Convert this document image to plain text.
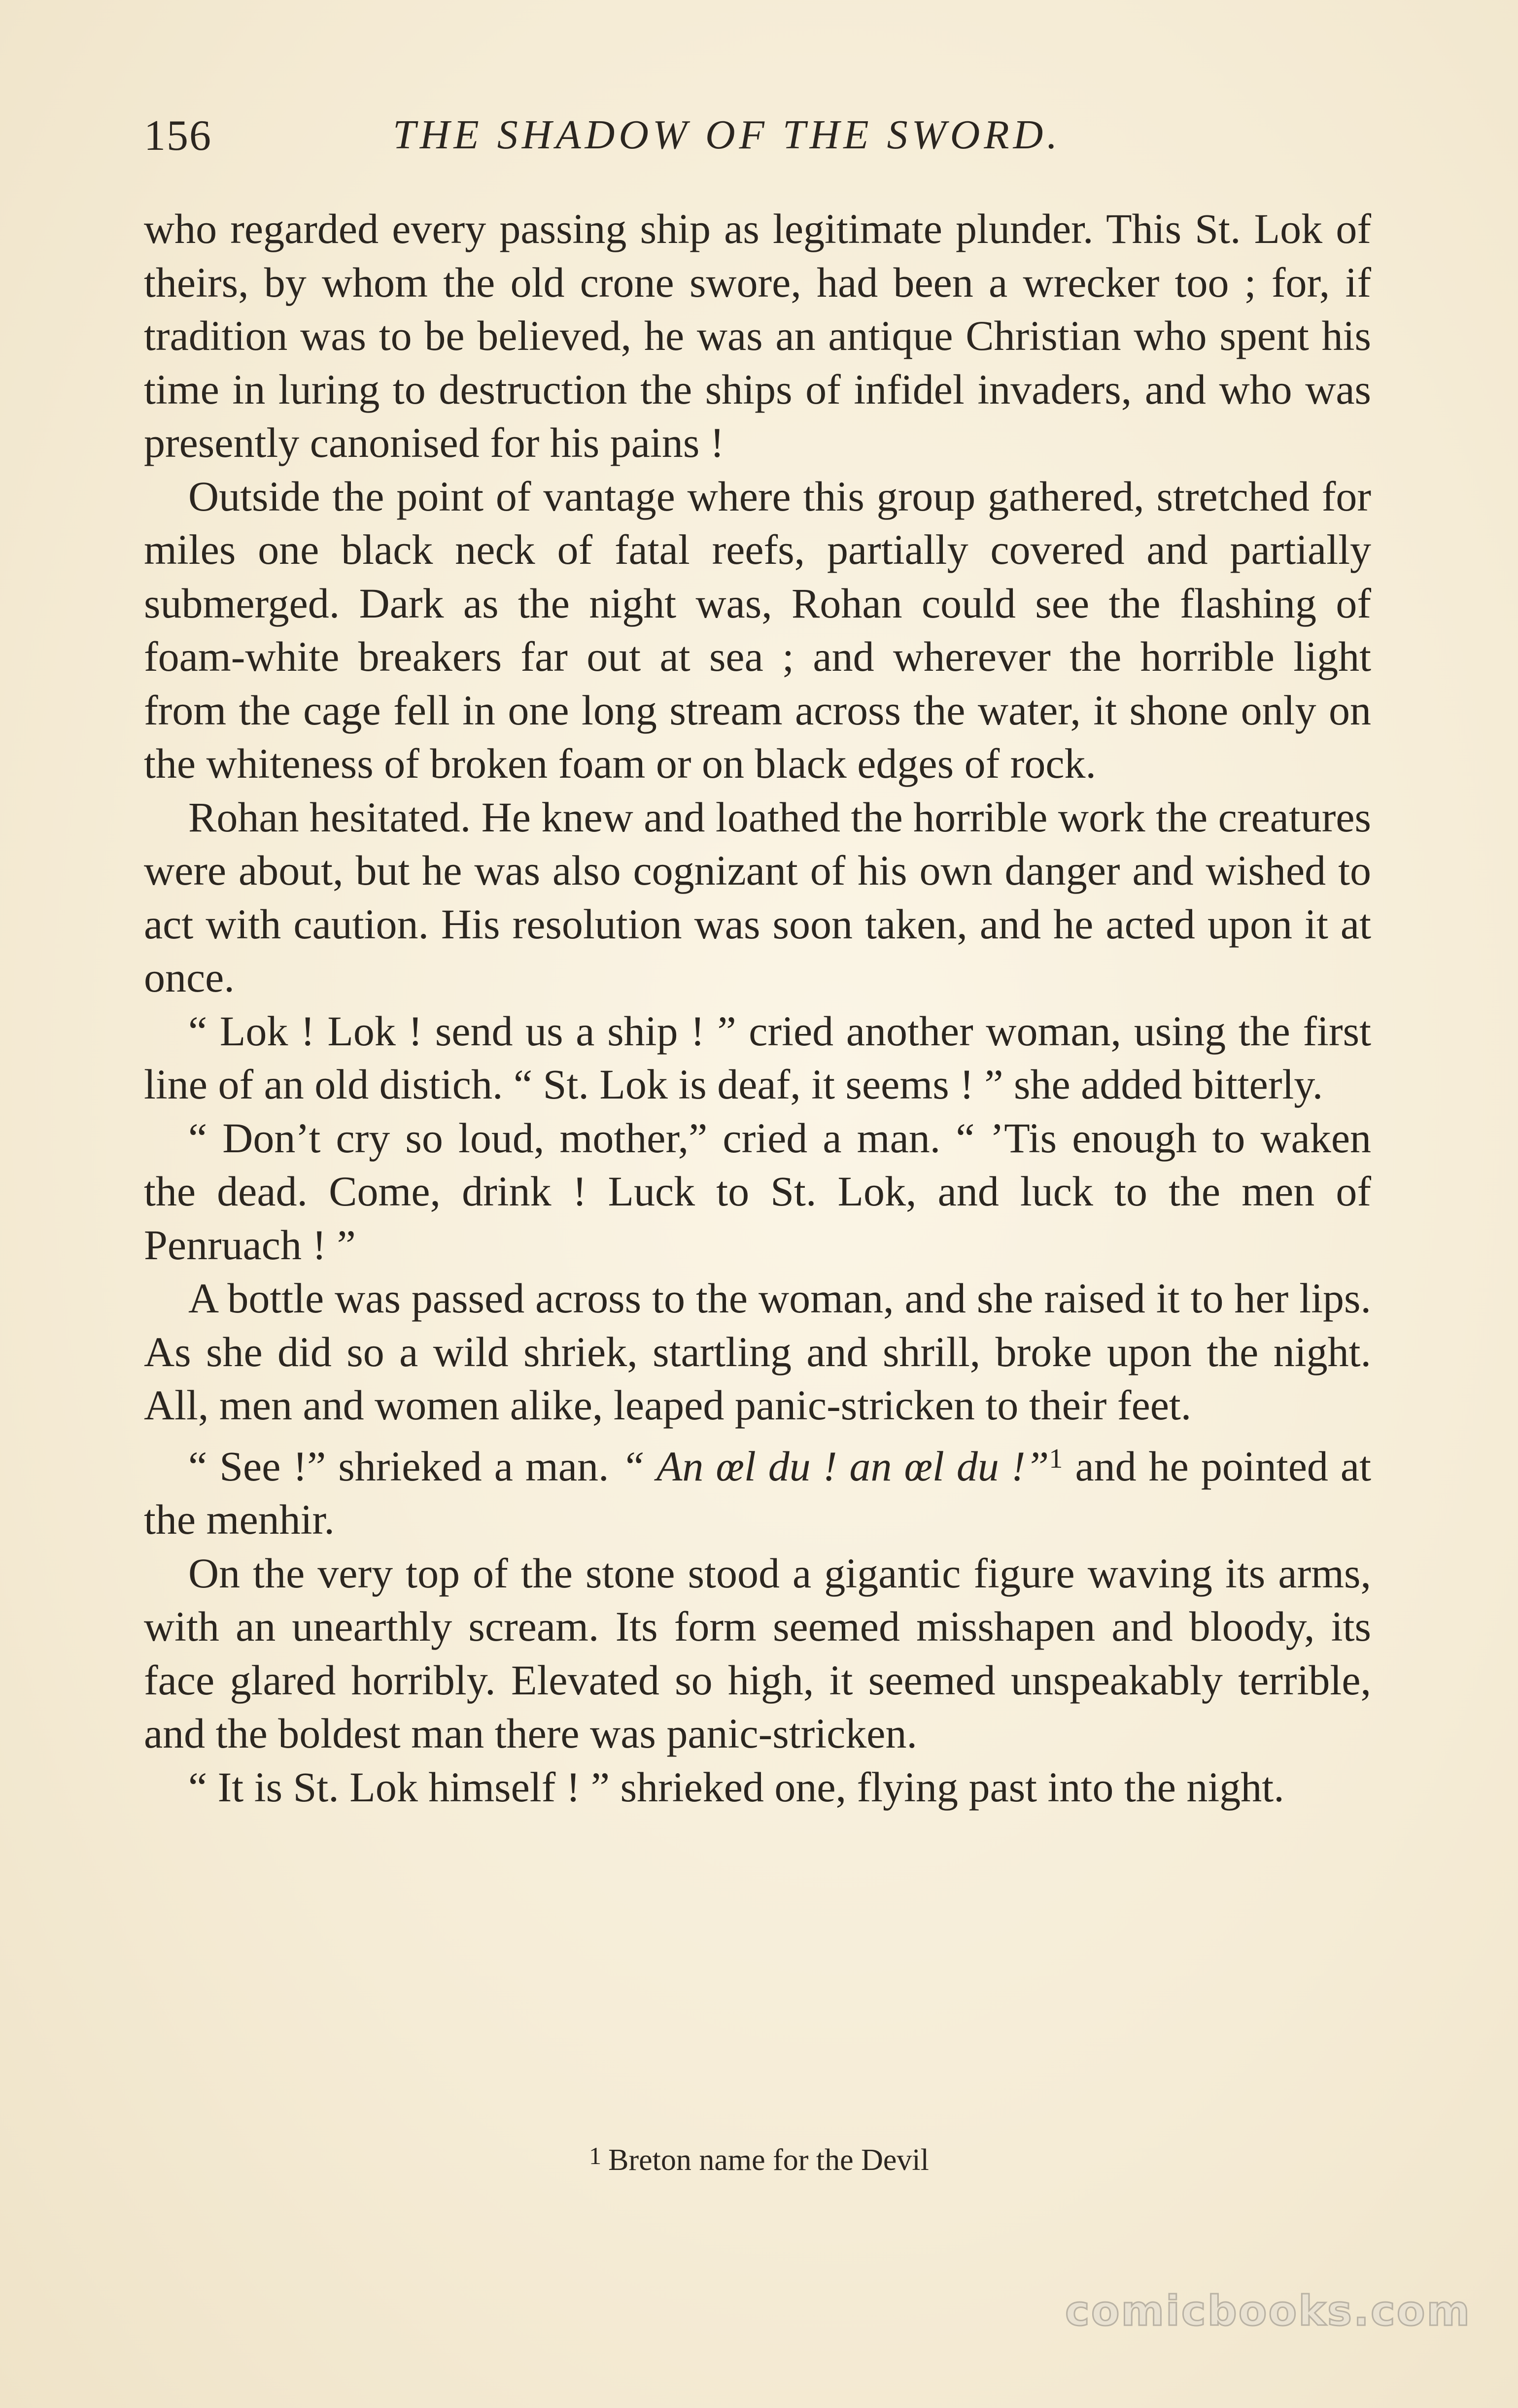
156	THE SHADOW OF THE SWORD.

who regarded every passing ship as legitimate plunder. This St. Lok of theirs, by whom the old crone swore, had been a wrecker too ; for, if tradition was to be believed, he was an antique Christian who spent his time in luring to destruction the ships of infidel invaders, and who was presently canonised for his pains !

Outside the point of vantage where this group gathered, stretched for miles one black neck of fatal reefs, partially covered and partially submerged. Dark as the night was, Rohan could see the flashing of foam-white breakers far out at sea ; and wherever the horrible light from the cage fell in one long stream across the water, it shone only on the whiteness of broken foam or on black edges of rock.

Rohan hesitated. He knew and loathed the horrible work the creatures were about, but he was also cognizant of his own danger and wished to act with caution. His resolution was soon taken, and he acted upon it at once.

“ Lok ! Lok ! send us a ship ! ” cried another woman, using the first line of an old distich. “ St. Lok is deaf, it seems ! ” she added bitterly.

“ Don’t cry so loud, mother,” cried a man. “ ’Tis enough to waken the dead. Come, drink ! Luck to St. Lok, and luck to the men of Penruach ! ”

A bottle was passed across to the woman, and she raised it to her lips. As she did so a wild shriek, startling and shrill, broke upon the night. All, men and women alike, leaped panic-stricken to their feet.

“ See !” shrieked a man. “ An œl du ! an œl du !”$^1$ and he pointed at the menhir.

On the very top of the stone stood a gigantic figure waving its arms, with an unearthly scream. Its form seemed misshapen and bloody, its face glared horribly. Elevated so high, it seemed unspeakably terrible, and the boldest man there was panic-stricken.

“ It is St. Lok himself ! ” shrieked one, flying past into the night.

1 Breton name for the Devil
comicbooks.com
